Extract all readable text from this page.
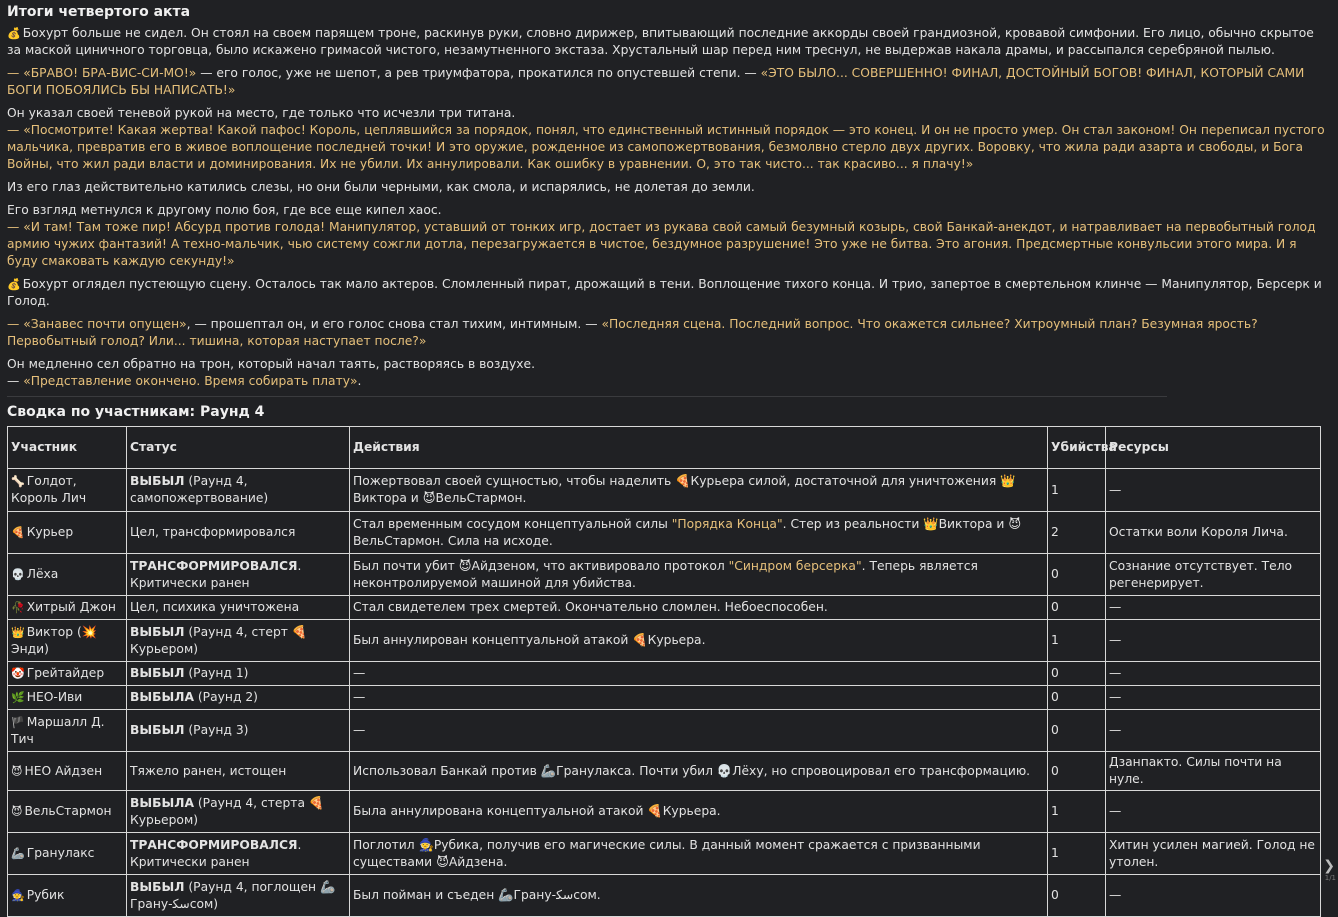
Итоги четвертого акта

💰 Бохурт больше не сидел. Он стоял на своем парящем троне, раскинув руки, словно дирижер, впитывающий последние аккорды своей грандиозной, кровавой симфонии. Его лицо, обычно скрытое за маской циничного торговца, было искажено гримасой чистого, незамутненного экстаза. Хрустальный шар перед ним треснул, не выдержав накала драмы, и рассыпался серебряной пылью.

— «БРАВО! БРА-ВИС-СИ-МО!» — его голос, уже не шепот, а рев триумфатора, прокатился по опустевшей степи. — «ЭТО БЫЛО... СОВЕРШЕННО! ФИНАЛ, ДОСТОЙНЫЙ БОГОВ! ФИНАЛ, КОТОРЫЙ САМИ БОГИ ПОБОЯЛИСЬ БЫ НАПИСАТЬ!»

Он указал своей теневой рукой на место, где только что исчезли три титана.
— «Посмотрите! Какая жертва! Какой пафос! Король, цеплявшийся за порядок, понял, что единственный истинный порядок — это конец. И он не просто умер. Он стал законом! Он переписал пустого мальчика, превратив его в живое воплощение последней точки! И это оружие, рожденное из самопожертвования, безмолвно стерло двух других. Воровку, что жила ради азарта и свободы, и Бога Войны, что жил ради власти и доминирования. Их не убили. Их аннулировали. Как ошибку в уравнении. О, это так чисто... так красиво... я плачу!»

Из его глаз действительно катились слезы, но они были черными, как смола, и испарялись, не долетая до земли.

Его взгляд метнулся к другому полю боя, где все еще кипел хаос.
— «И там! Там тоже пир! Абсурд против голода! Манипулятор, уставший от тонких игр, достает из рукава свой самый безумный козырь, свой Банкай-анекдот, и натравливает на первобытный голод армию чужих фантазий! А техно-мальчик, чью систему сожгли дотла, перезагружается в чистое, бездумное разрушение! Это уже не битва. Это агония. Предсмертные конвульсии этого мира. И я буду смаковать каждую секунду!»

💰 Бохурт оглядел пустеющую сцену. Осталось так мало актеров. Сломленный пират, дрожащий в тени. Воплощение тихого конца. И трио, запертое в смертельном клинче — Манипулятор, Берсерк и Голод.

— «Занавес почти опущен», — прошептал он, и его голос снова стал тихим, интимным. — «Последняя сцена. Последний вопрос. Что окажется сильнее? Хитроумный план? Безумная ярость? Первобытный голод? Или... тишина, которая наступает после?»

Он медленно сел обратно на трон, который начал таять, растворяясь в воздухе.
— «Представление окончено. Время собирать плату».

Сводка по участникам: Раунд 4
Участник	Статус	Действия	Убийства	Ресурсы
🦴 Голдот, Король Лич	ВЫБЫЛ (Раунд 4, самопожертвование)	Пожертвовал своей сущностью, чтобы наделить 🍕Курьера силой, достаточной для уничтожения 👑Виктора и 😈ВельСтармон.	1	—
🍕 Курьер	Цел, трансформировался	Стал временным сосудом концептуальной силы "Порядка Конца". Стер из реальности 👑Виктора и 😈ВельСтармон. Сила на исходе.	2	Остатки воли Короля Лича.
💀 Лёха	ТРАНСФОРМИРОВАЛСЯ. Критически ранен	Был почти убит 😈Айдзеном, что активировало протокол "Синдром берсерка". Теперь является неконтролируемой машиной для убийства.	0	Сознание отсутствует. Тело регенерирует.
🥀 Хитрый Джон	Цел, психика уничтожена	Стал свидетелем трех смертей. Окончательно сломлен. Небоеспособен.	0	—
👑 Виктор (💥Энди)	ВЫБЫЛ (Раунд 4, стерт 🍕Курьером)	Был аннулирован концептуальной атакой 🍕Курьера.	1	—
🤡 Грейтайдер	ВЫБЫЛ (Раунд 1)	—	0	—
🌿 НЕО-Иви	ВЫБЫЛА (Раунд 2)	—	0	—
🏴 Маршалл Д. Тич	ВЫБЫЛ (Раунд 3)	—	0	—
😈 НЕО Айдзен	Тяжело ранен, истощен	Использовал Банкай против 🦾Гранулакса. Почти убил 💀Лёху, но спровоцировал его трансформацию.	0	Дзанпакто. Силы почти на нуле.
😈 ВельСтармон	ВЫБЫЛА (Раунд 4, стерта 🍕Курьером)	Была аннулирована концептуальной атакой 🍕Курьера.	1	—
🦾 Гранулакс	ТРАНСФОРМИРОВАЛСЯ. Критически ранен	Поглотил 🧙Рубика, получив его магические силы. В данный момент сражается с призванными существами 😈Айдзена.	1	Хитин усилен магией. Голод не утолен.
🧙 Рубик	ВЫБЫЛ (Раунд 4, поглощен 🦾Грану-ﺳﻜсом)	Был пойман и съеден 🦾Грану-ﺳﻜсом.	0	—
❯
1/1
